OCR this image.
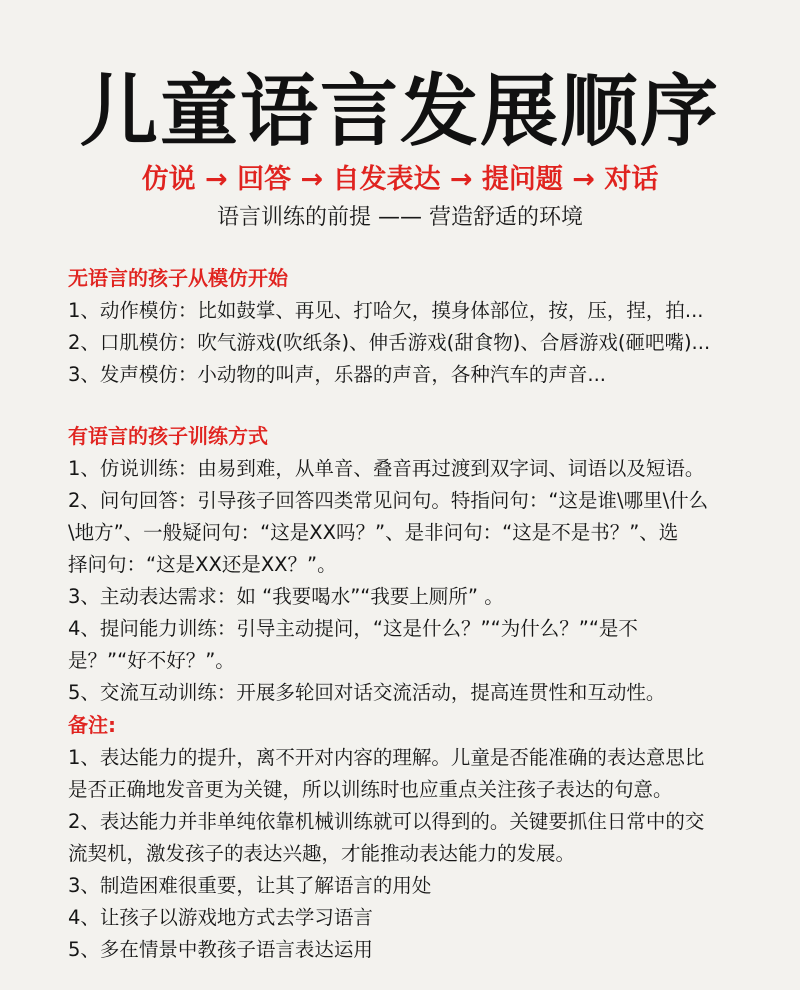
儿童语言发展顺序
仿说 → 回答 → 自发表达 → 提问题 → 对话
语言训练的前提 —— 营造舒适的环境
无语言的孩子从模仿开始
1、动作模仿：比如鼓掌、再见、打哈欠，摸身体部位，按，压，捏，拍...
2、口肌模仿：吹气游戏(吹纸条)、伸舌游戏(甜食物)、合唇游戏(砸吧嘴)...
3、发声模仿：小动物的叫声，乐器的声音，各种汽车的声音...
有语言的孩子训练方式
1、仿说训练：由易到难，从单音、叠音再过渡到双字词、词语以及短语。
2、问句回答：引导孩子回答四类常见问句。特指问句：“这是谁\哪里\什么
\地方”、一般疑问句：“这是XX吗？”、是非问句：“这是不是书？”、选
择问句：“这是XX还是XX？”。
3、主动表达需求：如 “我要喝水”“我要上厕所” 。
4、提问能力训练：引导主动提问，“这是什么？”“为什么？”“是不
是？”“好不好？”。
5、交流互动训练：开展多轮回对话交流活动，提高连贯性和互动性。
备注:
1、表达能力的提升，离不开对内容的理解。儿童是否能准确的表达意思比
是否正确地发音更为关键，所以训练时也应重点关注孩子表达的句意。
2、表达能力并非单纯依靠机械训练就可以得到的。关键要抓住日常中的交
流契机，激发孩子的表达兴趣，才能推动表达能力的发展。
3、制造困难很重要，让其了解语言的用处
4、让孩子以游戏地方式去学习语言
5、多在情景中教孩子语言表达运用
